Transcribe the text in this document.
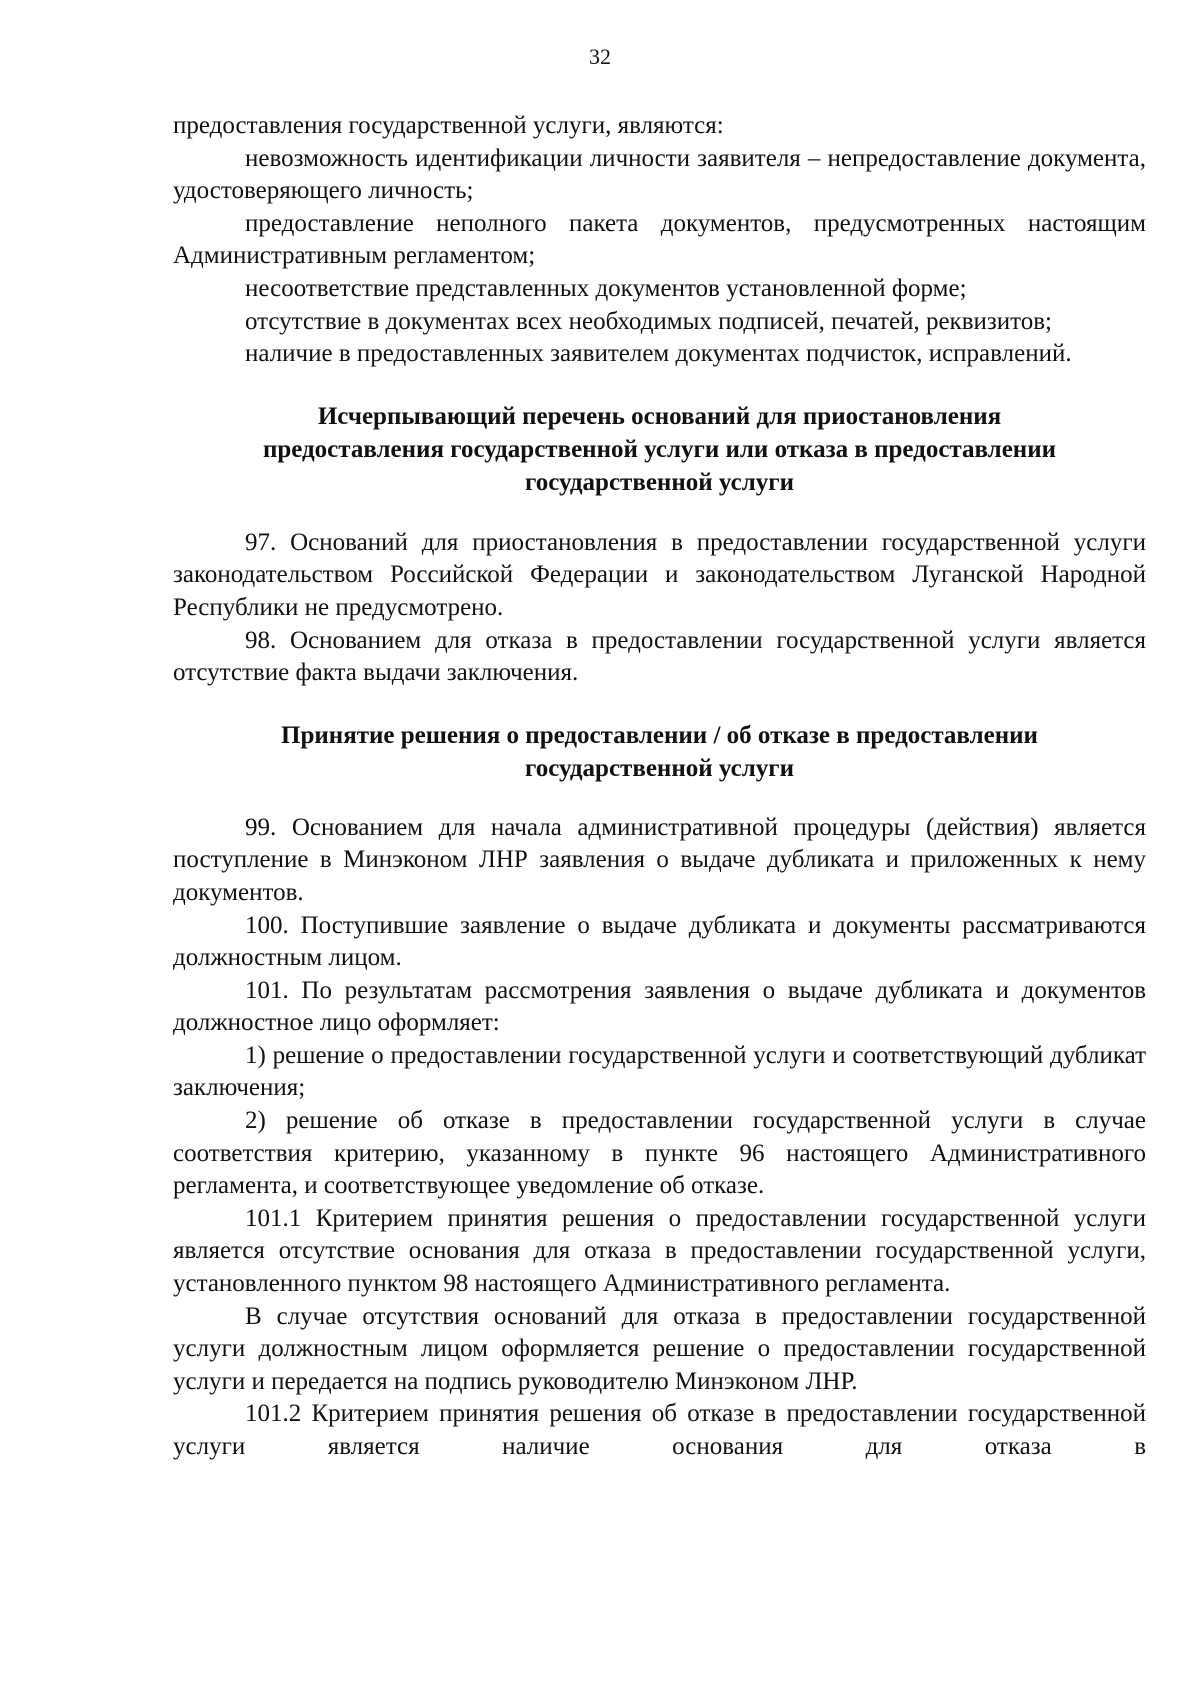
32

предоставления государственной услуги, являются:

невозможность идентификации личности заявителя – непредоставление документа, удостоверяющего личность;

предоставление неполного пакета документов, предусмотренных настоящим Административным регламентом;

несоответствие представленных документов установленной форме;

отсутствие в документах всех необходимых подписей, печатей, реквизитов;

наличие в предоставленных заявителем документах подчисток, исправлений.

Исчерпывающий перечень оснований для приостановления
предоставления государственной услуги или отказа в предоставлении
государственной услуги

97. Оснований для приостановления в предоставлении государственной услуги законодательством Российской Федерации и законодательством Луганской Народной Республики не предусмотрено.

98. Основанием для отказа в предоставлении государственной услуги является отсутствие факта выдачи заключения.

Принятие решения о предоставлении / об отказе в предоставлении
государственной услуги

99. Основанием для начала административной процедуры (действия) является поступление в Минэконом ЛНР заявления о выдаче дубликата и приложенных к нему документов.

100. Поступившие заявление о выдаче дубликата и документы рассматриваются должностным лицом.

101. По результатам рассмотрения заявления о выдаче дубликата и документов должностное лицо оформляет:

1) решение о предоставлении государственной услуги и соответствующий дубликат заключения;

2) решение об отказе в предоставлении государственной услуги в случае соответствия критерию, указанному в пункте 96 настоящего Административного регламента, и соответствующее уведомление об отказе.

101.1 Критерием принятия решения о предоставлении государственной услуги является отсутствие основания для отказа в предоставлении государственной услуги, установленного пунктом 98 настоящего Административного регламента.

В случае отсутствия оснований для отказа в предоставлении государственной услуги должностным лицом оформляется решение о предоставлении государственной услуги и передается на подпись руководителю Минэконом ЛНР.

101.2 Критерием принятия решения об отказе в предоставлении государственной услуги является наличие основания для отказа в
